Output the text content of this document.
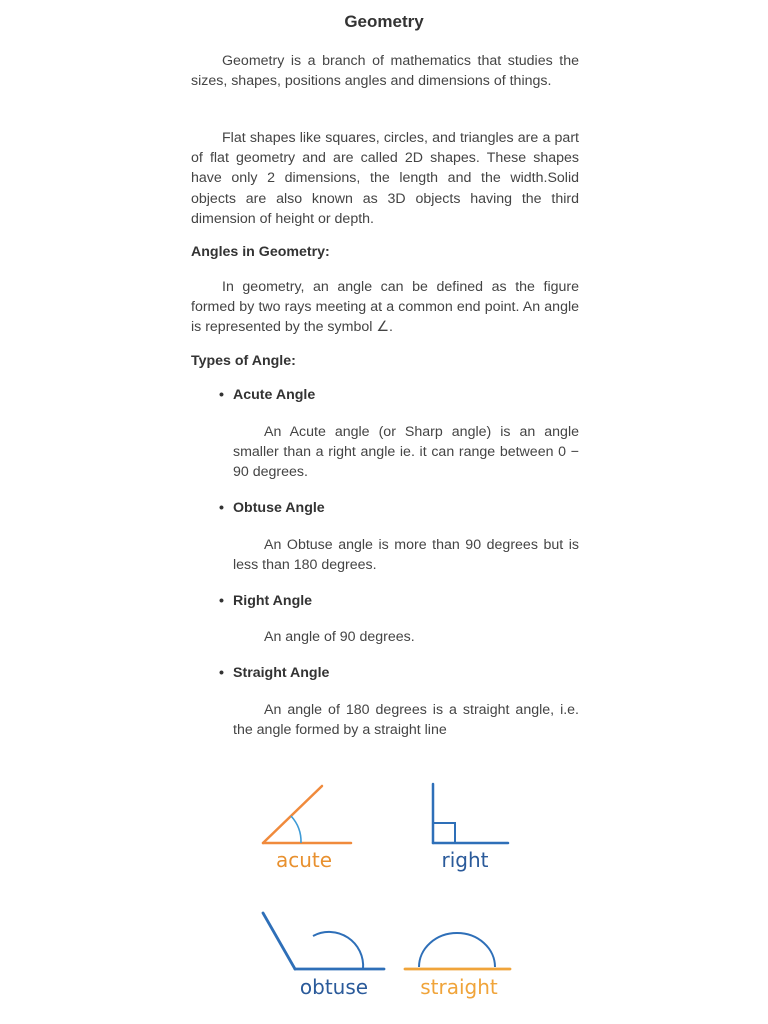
Geometry
Geometry is a branch of mathematics that studies the sizes, shapes, positions angles and dimensions of things.
Flat shapes like squares, circles, and triangles are a part of flat geometry and are called 2D shapes. These shapes have only 2 dimensions, the length and the width.Solid objects are also known as 3D objects having the third dimension of height or depth.
Angles in Geometry:
In geometry, an angle can be defined as the figure formed by two rays meeting at a common end point. An angle is represented by the symbol ∠.
Types of Angle:
• Acute Angle
An Acute angle (or Sharp angle) is an angle smaller than a right angle ie. it can range between 0 − 90 degrees.
• Obtuse Angle
An Obtuse angle is more than 90 degrees but is less than 180 degrees.
• Right Angle
An angle of 90 degrees.
• Straight Angle
An angle of 180 degrees is a straight angle, i.e. the angle formed by a straight line
acute	right
obtuse	straight
